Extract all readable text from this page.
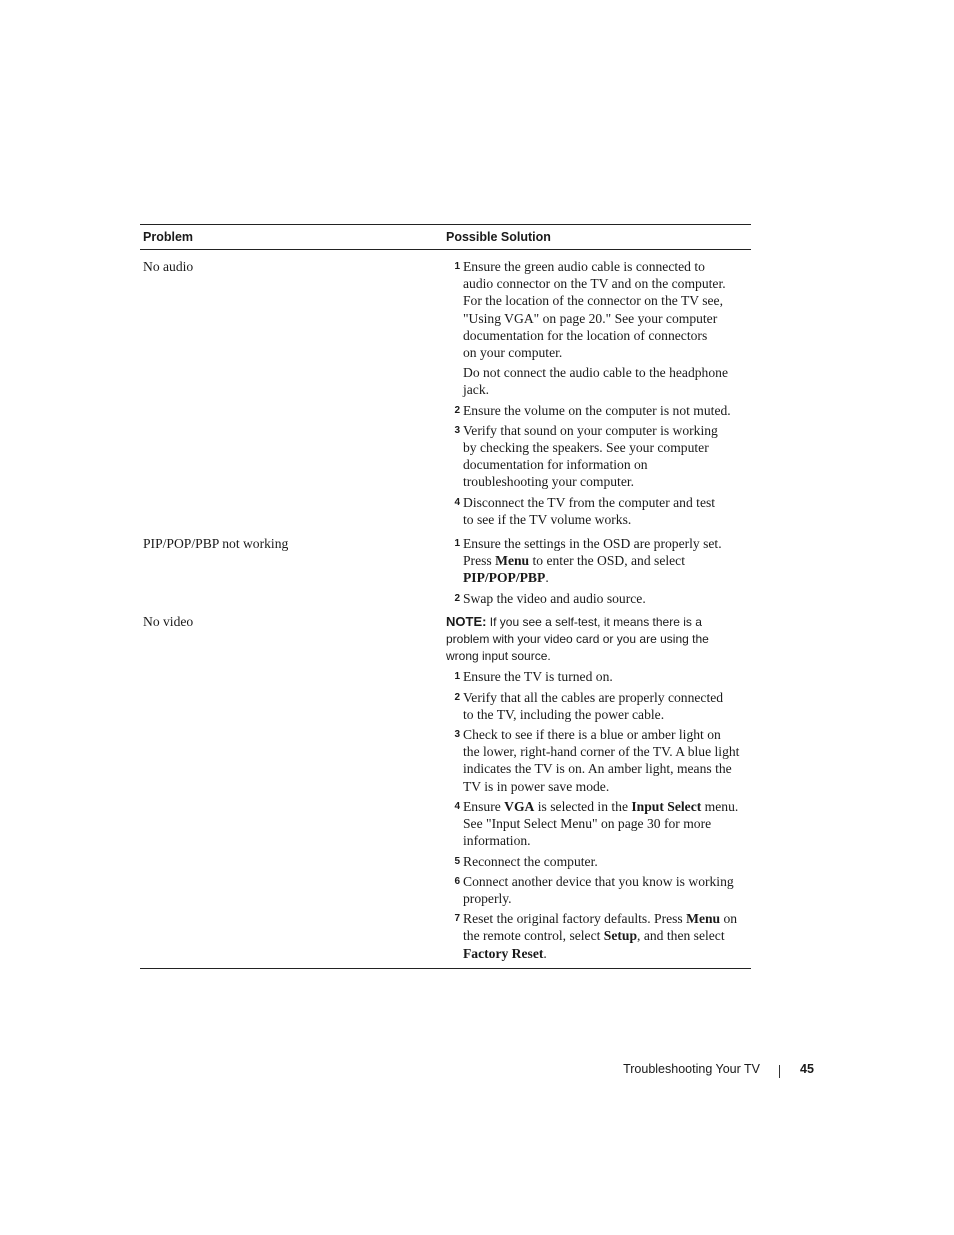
Problem	Possible Solution
No audio	1 Ensure the green audio cable is connected to
audio connector on the TV and on the computer.
For the location of the connector on the TV see,
"Using VGA" on page 20." See your computer
documentation for the location of connectors
on your computer.
Do not connect the audio cable to the headphone
jack.
2 Ensure the volume on the computer is not muted.
3 Verify that sound on your computer is working
by checking the speakers. See your computer
documentation for information on
troubleshooting your computer.
4 Disconnect the TV from the computer and test
to see if the TV volume works.
PIP/POP/PBP not working	1 Ensure the settings in the OSD are properly set.
Press Menu to enter the OSD, and select
PIP/POP/PBP.
2 Swap the video and audio source.
No video	NOTE: If you see a self-test, it means there is a
problem with your video card or you are using the
wrong input source.
1 Ensure the TV is turned on.
2 Verify that all the cables are properly connected
to the TV, including the power cable.
3 Check to see if there is a blue or amber light on
the lower, right-hand corner of the TV. A blue light
indicates the TV is on. An amber light, means the
TV is in power save mode.
4 Ensure VGA is selected in the Input Select menu.
See "Input Select Menu" on page 30 for more
information.
5 Reconnect the computer.
6 Connect another device that you know is working
properly.
7 Reset the original factory defaults. Press Menu on
the remote control, select Setup, and then select
Factory Reset.
Troubleshooting Your TV	45
